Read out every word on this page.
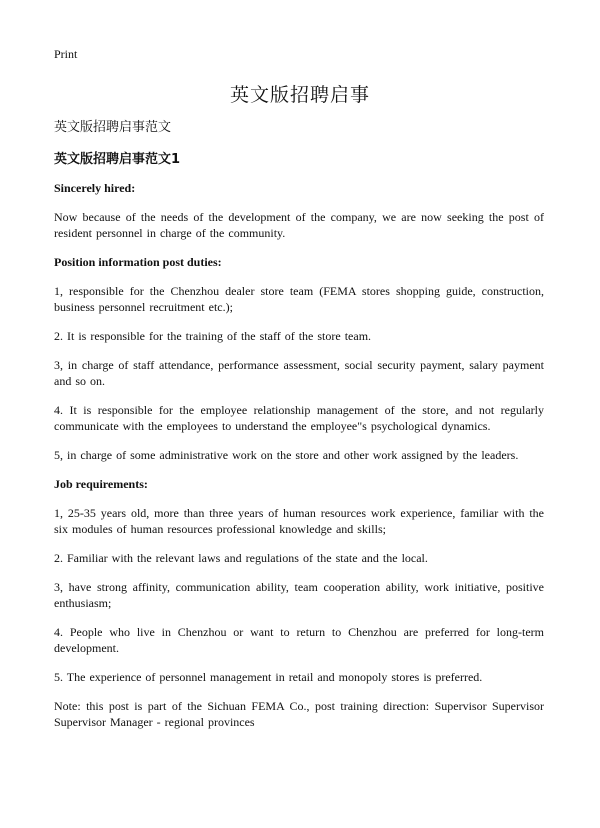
Print
英文版招聘启事

英文版招聘启事范文

英文版招聘启事范文1

Sincerely hired:

Now because of the needs of the development of the company, we are now seeking the post of resident personnel in charge of the community.

Position information post duties:

1, responsible for the Chenzhou dealer store team (FEMA stores shopping guide, construction, business personnel recruitment etc.);

2. It is responsible for the training of the staff of the store team.

3, in charge of staff attendance, performance assessment, social security payment, salary payment and so on.

4. It is responsible for the employee relationship management of the store, and not regularly communicate with the employees to understand the employee"s psychological dynamics.

5, in charge of some administrative work on the store and other work assigned by the leaders.

Job requirements:

1, 25-35 years old, more than three years of human resources work experience, familiar with the six modules of human resources professional knowledge and skills;

2. Familiar with the relevant laws and regulations of the state and the local.

3, have strong affinity, communication ability, team cooperation ability, work initiative, positive enthusiasm;

4. People who live in Chenzhou or want to return to Chenzhou are preferred for long-term development.

5. The experience of personnel management in retail and monopoly stores is preferred.

Note: this post is part of the Sichuan FEMA Co., post training direction: Supervisor Supervisor Supervisor Manager - regional provinces
